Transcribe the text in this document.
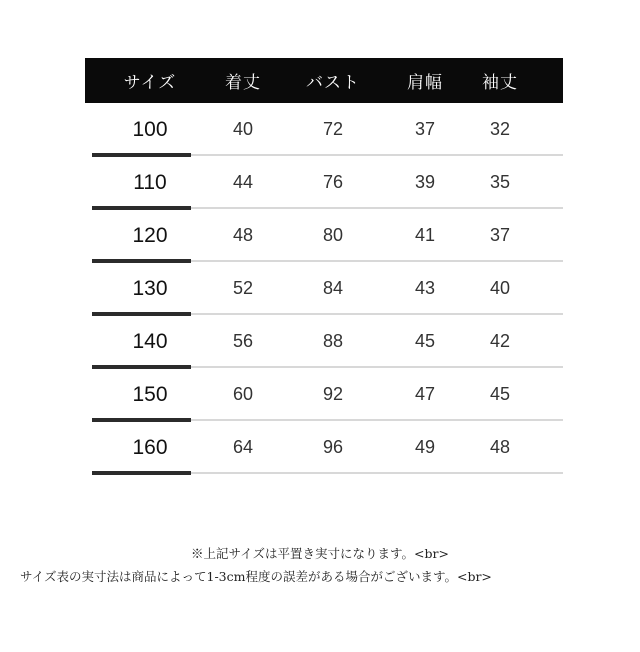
サイズ	着丈	バスト	肩幅	袖丈
100	40	72	37	32
110	44	76	39	35
120	48	80	41	37
130	52	84	43	40
140	56	88	45	42
150	60	92	47	45
160	64	96	49	48
※上記サイズは平置き実寸になります。<br>
サイズ表の実寸法は商品によって1-3cm程度の誤差がある場合がございます。<br>
